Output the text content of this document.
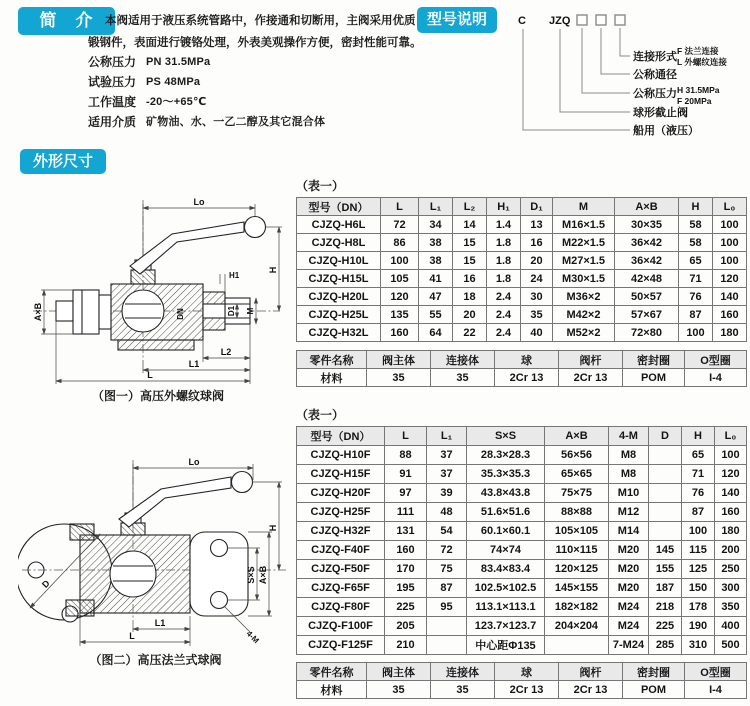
简　介	本阀适用于液压系统管路中，作接通和切断用，主阀采用优质锻钢件，表面进行镀铬处理，外表美观操作方便，密封性能可靠。

公称压力 PN 31.5MPa
试验压力 PS 48MPa
工作温度 -20～+65℃
适用介质 矿物油、水、一乙二醇及其它混合体
型号说明	C JZQ
连接形式 F 法兰连接
L 外螺纹连接
公称通径
公称压力 H 31.5MPa
F 20MPa
球形截止阀
船用（液压）
外形尺寸
Lo
H
A×B
H1
DN	D1 M
L2
L1
L

（图一）高压外螺纹球阀

Lo
H
S×S A×B
D
4-M
L1
L

（图二）高压法兰式球阀

（表一）

型号（DN）	L	L₁	L₂	H₁	D₁	M	A×B	H	L₀
CJZQ-H6L	72	34	14	1.4	13	M16×1.5	30×35	58	100
CJZQ-H8L	86	38	15	1.8	16	M22×1.5	36×42	58	100
CJZQ-H10L	100	38	15	1.8	20	M27×1.5	36×42	65	100
CJZQ-H15L	105	41	16	1.8	24	M30×1.5	42×48	71	120
CJZQ-H20L	120	47	18	2.4	30	M36×2	50×57	76	140
CJZQ-H25L	135	55	20	2.4	35	M42×2	57×67	87	160
CJZQ-H32L	160	64	22	2.4	40	M52×2	72×80	100	180
零件名称	阀主体	连接体	球	阀杆	密封圈	O型圈
材料	35	35	2Cr 13	2Cr 13	POM	I-4

（表一）

型号（DN）	L	L₁	S×S	A×B	4-M	D	H	L₀
CJZQ-H10F	88	37	28.3×28.3	56×56	M8		65	100
CJZQ-H15F	91	37	35.3×35.3	65×65	M8		71	120
CJZQ-H20F	97	39	43.8×43.8	75×75	M10		76	140
CJZQ-H25F	111	48	51.6×51.6	88×88	M12		87	160
CJZQ-H32F	131	54	60.1×60.1	105×105	M14		100	180
CJZQ-F40F	160	72	74×74	110×115	M20	145	115	200
CJZQ-F50F	170	75	83.4×83.4	120×125	M20	155	125	250
CJZQ-F65F	195	87	102.5×102.5	145×155	M20	187	150	300
CJZQ-F80F	225	95	113.1×113.1	182×182	M24	218	178	350
CJZQ-F100F	205		123.7×123.7	204×204	M24	225	190	400
CJZQ-F125F	210		中心距Φ135		7-M24	285	310	500
零件名称	阀主体	连接体	球	阀杆	密封圈	O型圈
材料	35	35	2Cr 13	2Cr 13	POM	I-4
